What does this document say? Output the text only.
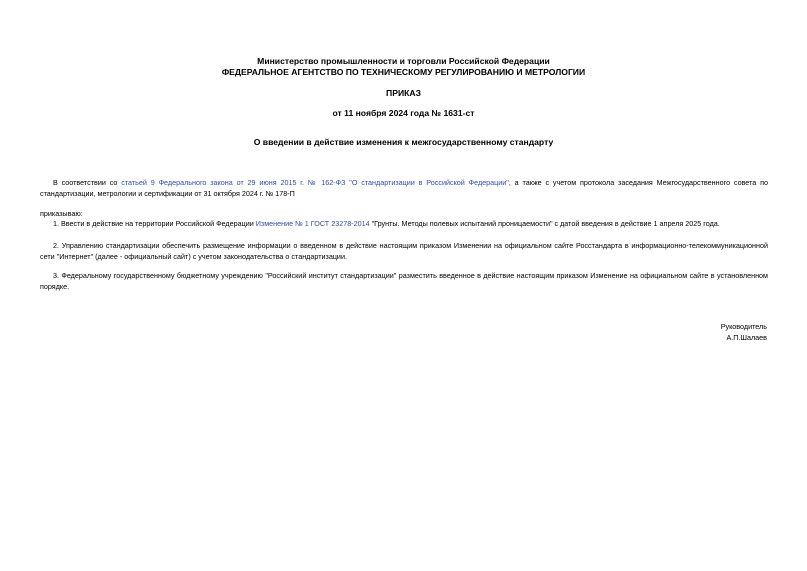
Министерство промышленности и торговли Российской Федерации
ФЕДЕРАЛЬНОЕ АГЕНТСТВО ПО ТЕХНИЧЕСКОМУ РЕГУЛИРОВАНИЮ И МЕТРОЛОГИИ
ПРИКАЗ
от 11 ноября 2024 года № 1631-ст
О введении в действие изменения к межгосударственному стандарту
В соответствии со статьей 9 Федерального закона от 29 июня 2015 г. № 162-ФЗ "О стандартизации в Российской Федерации", а также с учетом протокола заседания Межгосударственного совета по стандартизации, метрологии и сертификации от 31 октября 2024 г. № 178-П
приказываю:
1. Ввести в действие на территории Российской Федерации Изменение № 1 ГОСТ 23278-2014 "Грунты. Методы полевых испытаний проницаемости" с датой введения в действие 1 апреля 2025 года.
2. Управлению стандартизации обеспечить размещение информации о введенном в действие настоящим приказом Изменении на официальном сайте Росстандарта в информационно-телекоммуникационной сети "Интернет" (далее - официальный сайт) с учетом законодательства о стандартизации.
3. Федеральному государственному бюджетному учреждению "Российский институт стандартизации" разместить введенное в действие настоящим приказом Изменение на официальном сайте в установленном порядке.
Руководитель
А.П.Шалаев
